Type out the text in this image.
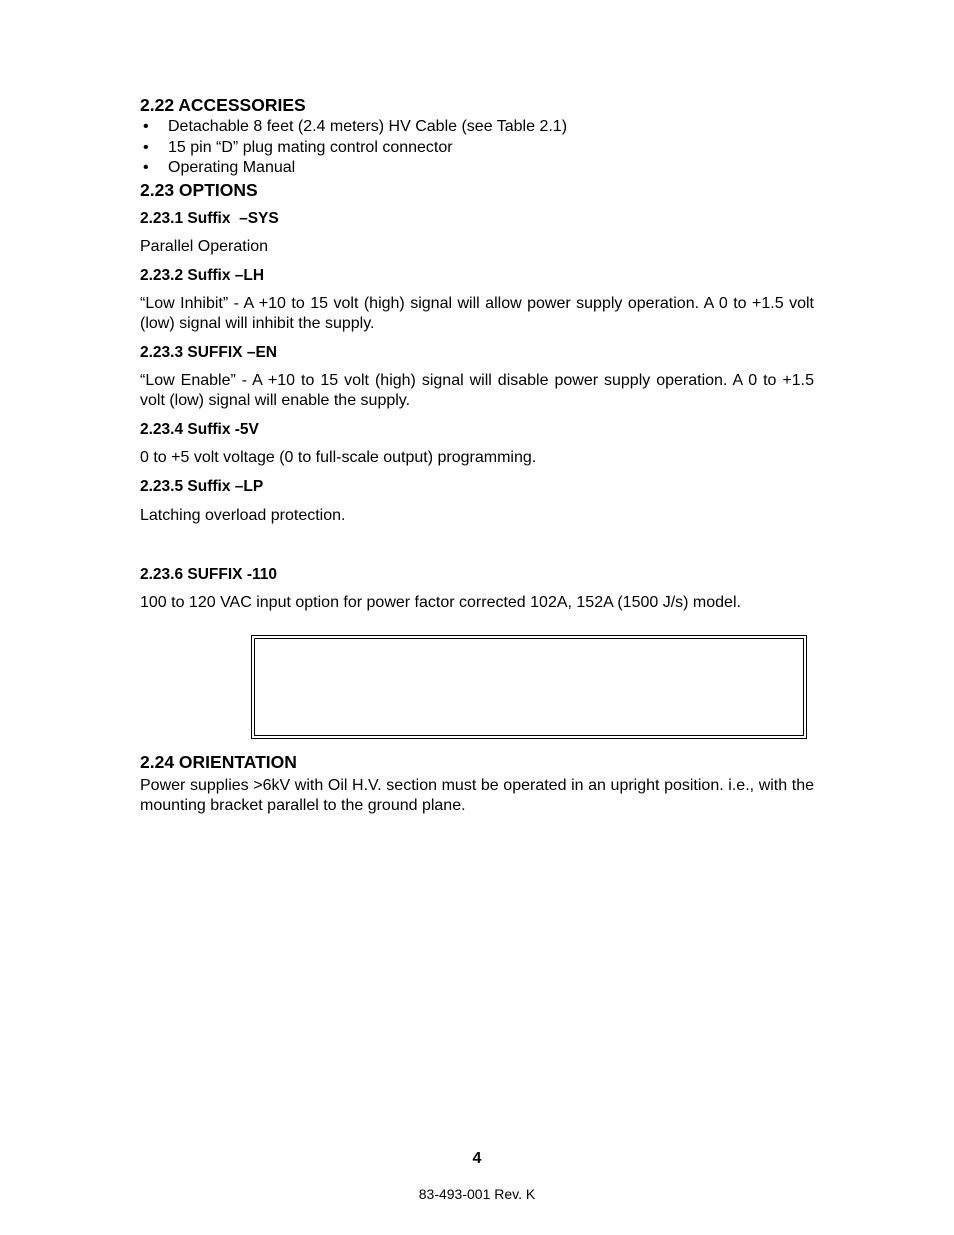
2.22 ACCESSORIES
• Detachable 8 feet (2.4 meters) HV Cable (see Table 2.1)
• 15 pin “D” plug mating control connector
• Operating Manual
2.23 OPTIONS
2.23.1 Suffix  –SYS
Parallel Operation
2.23.2 Suffix –LH
“Low Inhibit” - A +10 to 15 volt (high) signal will allow power supply operation. A 0 to +1.5 volt (low) signal will inhibit the supply.
2.23.3 SUFFIX –EN
“Low Enable” - A +10 to 15 volt (high) signal will disable power supply operation. A 0 to +1.5 volt (low) signal will enable the supply.
2.23.4 Suffix -5V
0 to +5 volt voltage (0 to full-scale output) programming.
2.23.5 Suffix –LP
Latching overload protection.
2.23.6 SUFFIX -110
100 to 120 VAC input option for power factor corrected 102A, 152A (1500 J/s) model.
2.24 ORIENTATION
Power supplies >6kV with Oil H.V. section must be operated in an upright position. i.e., with the mounting bracket parallel to the ground plane.
4
83-493-001 Rev. K
